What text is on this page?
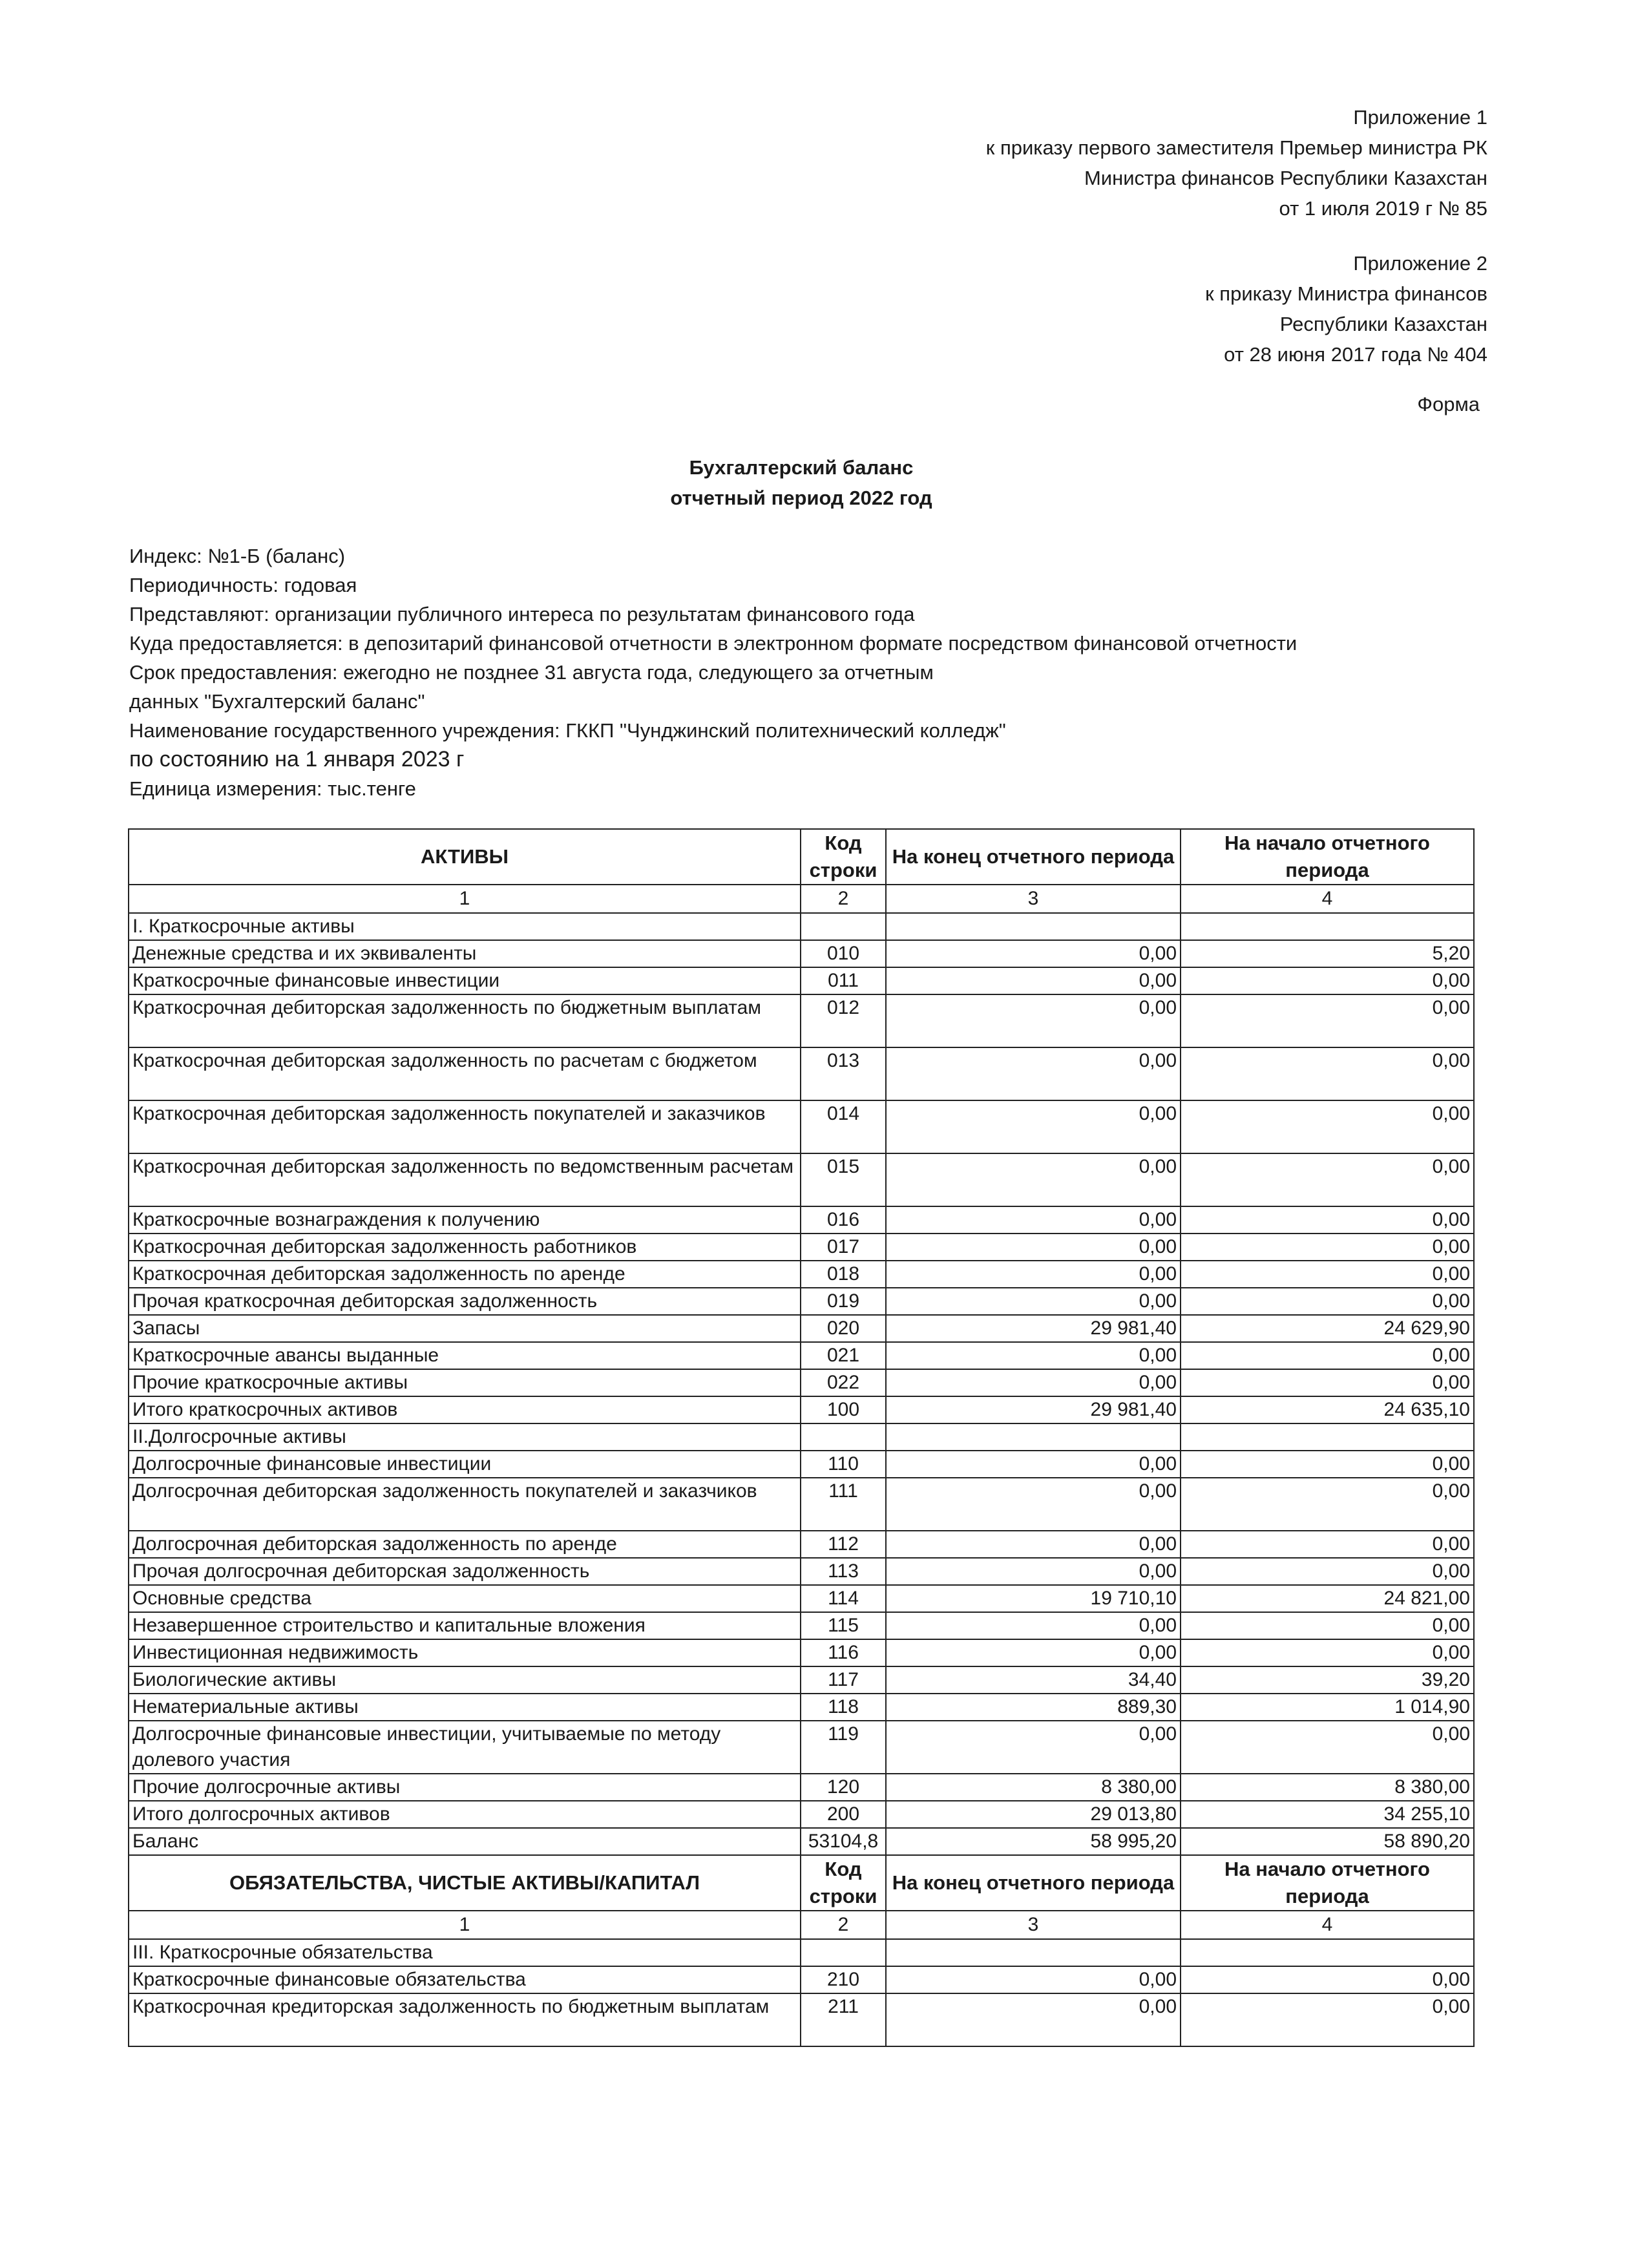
Приложение 1
к приказу первого заместителя Премьер министра РК
Министра финансов Республики Казахстан
от 1 июля 2019 г № 85
Приложение 2
к приказу Министра финансов
Республики Казахстан
от 28 июня 2017 года № 404
Форма
Бухгалтерский баланс
отчетный период 2022 год
Индекс: №1-Б (баланс)
Периодичность: годовая
Представляют: организации публичного интереса по результатам финансового года
Куда предоставляется: в депозитарий финансовой отчетности в электронном формате посредством финансовой отчетности
Срок предоставления: ежегодно не позднее 31 августа года, следующего за отчетным
данных "Бухгалтерский баланс"
Наименование государственного учреждения: ГККП "Чунджинский политехнический колледж"
по состоянию на 1 января 2023 г
Единица измерения: тыс.тенге
АКТИВЫ	Код строки	На конец отчетного периода	На начало отчетного периода
1	2	3	4
I. Краткосрочные активы			
Денежные средства и их эквиваленты	010	0,00	5,20
Краткосрочные финансовые инвестиции	011	0,00	0,00
Краткосрочная дебиторская задолженность по бюджетным выплатам	012	0,00	0,00
Краткосрочная дебиторская задолженность по расчетам с бюджетом	013	0,00	0,00
Краткосрочная дебиторская задолженность покупателей и заказчиков	014	0,00	0,00
Краткосрочная дебиторская задолженность по ведомственным расчетам	015	0,00	0,00
Краткосрочные вознаграждения к получению	016	0,00	0,00
Краткосрочная дебиторская задолженность работников	017	0,00	0,00
Краткосрочная дебиторская задолженность по аренде	018	0,00	0,00
Прочая краткосрочная дебиторская задолженность	019	0,00	0,00
Запасы	020	29 981,40	24 629,90
Краткосрочные авансы выданные	021	0,00	0,00
Прочие краткосрочные активы	022	0,00	0,00
Итого краткосрочных активов	100	29 981,40	24 635,10
II.Долгосрочные активы			
Долгосрочные финансовые инвестиции	110	0,00	0,00
Долгосрочная дебиторская задолженность покупателей и заказчиков	111	0,00	0,00
Долгосрочная дебиторская задолженность по аренде	112	0,00	0,00
Прочая долгосрочная дебиторская задолженность	113	0,00	0,00
Основные средства	114	19 710,10	24 821,00
Незавершенное строительство и капитальные вложения	115	0,00	0,00
Инвестиционная недвижимость	116	0,00	0,00
Биологические активы	117	34,40	39,20
Нематериальные активы	118	889,30	1 014,90
Долгосрочные финансовые инвестиции, учитываемые по методу долевого участия	119	0,00	0,00
Прочие долгосрочные активы	120	8 380,00	8 380,00
Итого долгосрочных активов	200	29 013,80	34 255,10
Баланс	53104,8	58 995,20	58 890,20
ОБЯЗАТЕЛЬСТВА, ЧИСТЫЕ АКТИВЫ/КАПИТАЛ	Код строки	На конец отчетного периода	На начало отчетного периода
1	2	3	4
III. Краткосрочные обязательства			
Краткосрочные финансовые обязательства	210	0,00	0,00
Краткосрочная кредиторская задолженность по бюджетным выплатам	211	0,00	0,00
